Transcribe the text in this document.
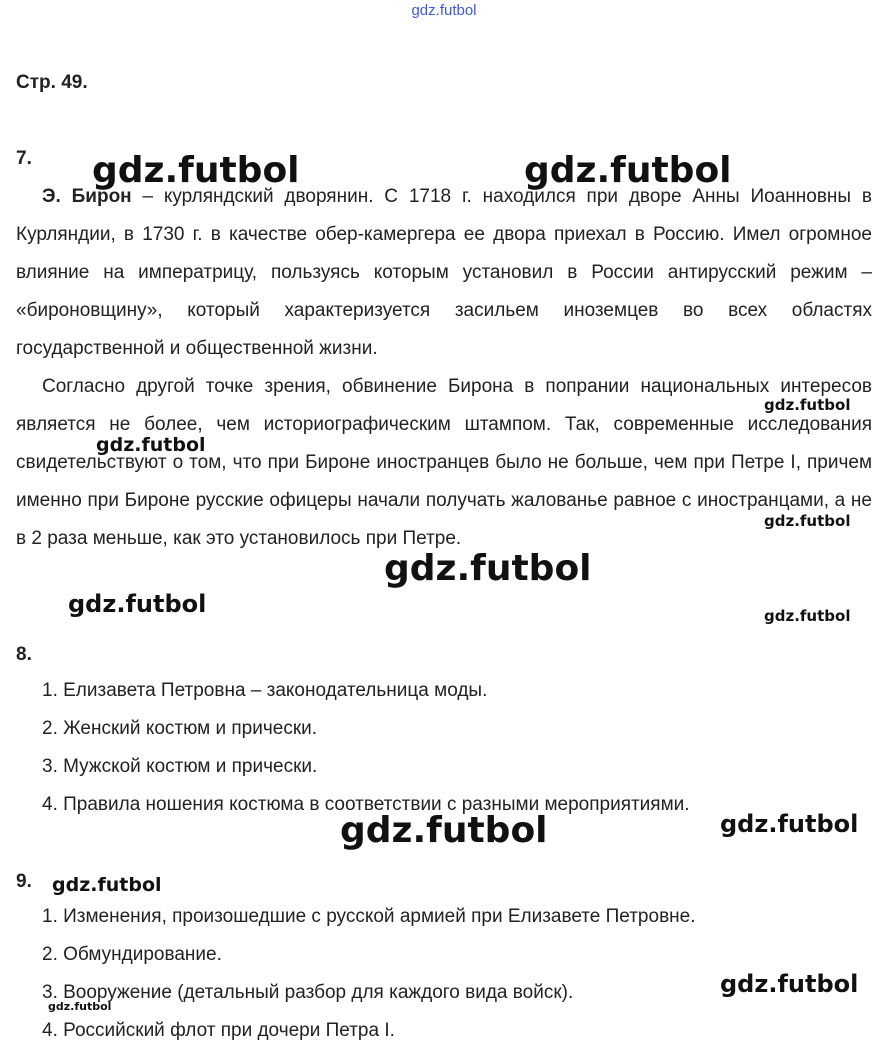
gdz.futbol
Стр. 49.
7.

Э. Бирон – курляндский дворянин. С 1718 г. находился при дворе Анны Иоанновны в Курляндии, в 1730 г. в качестве обер-камергера ее двора приехал в Россию. Имел огромное влияние на императрицу, пользуясь которым установил в России антирусский режим – «бироновщину», который характеризуется засильем иноземцев во всех областях государственной и общественной жизни.

Согласно другой точке зрения, обвинение Бирона в попрании национальных интересов является не более, чем историографическим штампом. Так, современные исследования свидетельствуют о том, что при Бироне иностранцев было не больше, чем при Петре I, причем именно при Бироне русские офицеры начали получать жалованье равное с иностранцами, а не в 2 раза меньше, как это установилось при Петре.

8.
1. Елизавета Петровна – законодательница моды.
2. Женский костюм и прически.
3. Мужской костюм и прически.
4. Правила ношения костюма в соответствии с разными мероприятиями.
9.
1. Изменения, произошедшие с русской армией при Елизавете Петровне.
2. Обмундирование.
3. Вооружение (детальный разбор для каждого вида войск).
4. Российский флот при дочери Петра I.
gdz.futbol	gdz.futbol
gdz.futbol
gdz.futbol
gdz.futbol
gdz.futbol
gdz.futbol	gdz.futbol
gdz.futbol	gdz.futbol
gdz.futbol
gdz.futbol
gdz.futbol
